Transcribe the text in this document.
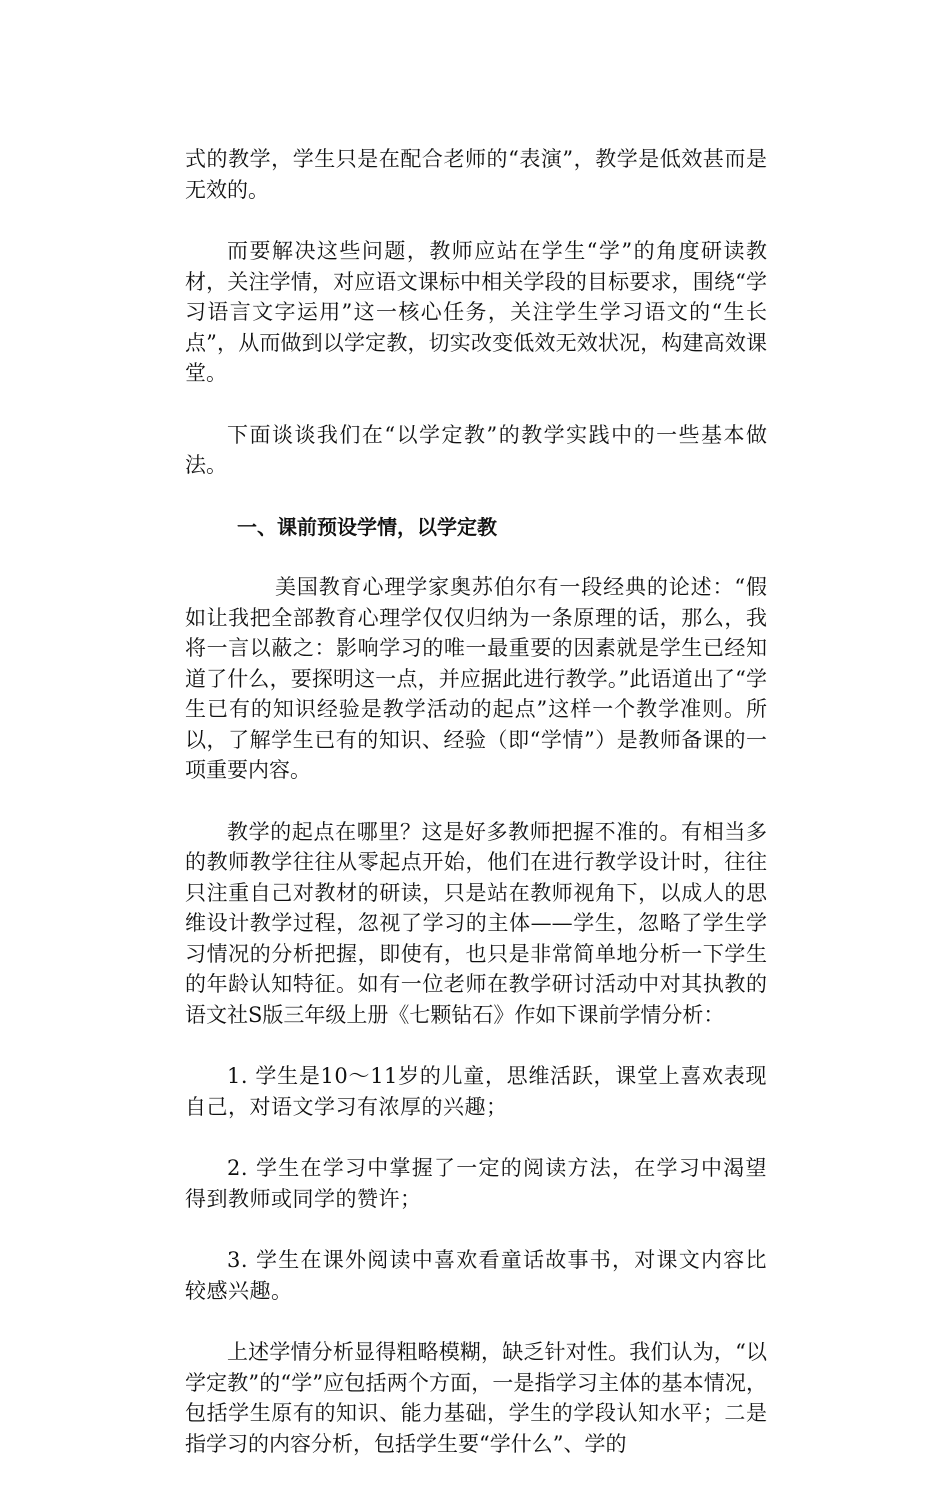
式的教学，学生只是在配合老师的“表演”，教学是低效甚而是无效的。

而要解决这些问题，教师应站在学生“学”的角度研读教材，关注学情，对应语文课标中相关学段的目标要求，围绕“学习语言文字运用”这一核心任务，关注学生学习语文的“生长点”，从而做到以学定教，切实改变低效无效状况，构建高效课堂。

下面谈谈我们在“以学定教”的教学实践中的一些基本做法。

一、课前预设学情，以学定教

美国教育心理学家奥苏伯尔有一段经典的论述：“假如让我把全部教育心理学仅仅归纳为一条原理的话，那么，我将一言以蔽之：影响学习的唯一最重要的因素就是学生已经知道了什么，要探明这一点，并应据此进行教学。”此语道出了“学生已有的知识经验是教学活动的起点”这样一个教学准则。所以，了解学生已有的知识、经验（即“学情”）是教师备课的一项重要内容。

教学的起点在哪里？这是好多教师把握不准的。有相当多的教师教学往往从零起点开始，他们在进行教学设计时，往往只注重自己对教材的研读，只是站在教师视角下，以成人的思维设计教学过程，忽视了学习的主体——学生，忽略了学生学习情况的分析把握，即使有，也只是非常简单地分析一下学生的年龄认知特征。如有一位老师在教学研讨活动中对其执教的语文社S版三年级上册《七颗钻石》作如下课前学情分析：

1. 学生是10～11岁的儿童，思维活跃，课堂上喜欢表现自己，对语文学习有浓厚的兴趣；

2. 学生在学习中掌握了一定的阅读方法，在学习中渴望得到教师或同学的赞许；

3. 学生在课外阅读中喜欢看童话故事书，对课文内容比较感兴趣。

上述学情分析显得粗略模糊，缺乏针对性。我们认为，“以学定教”的“学”应包括两个方面，一是指学习主体的基本情况，包括学生原有的知识、能力基础，学生的学段认知水平；二是指学习的内容分析，包括学生要“学什么”、学的
